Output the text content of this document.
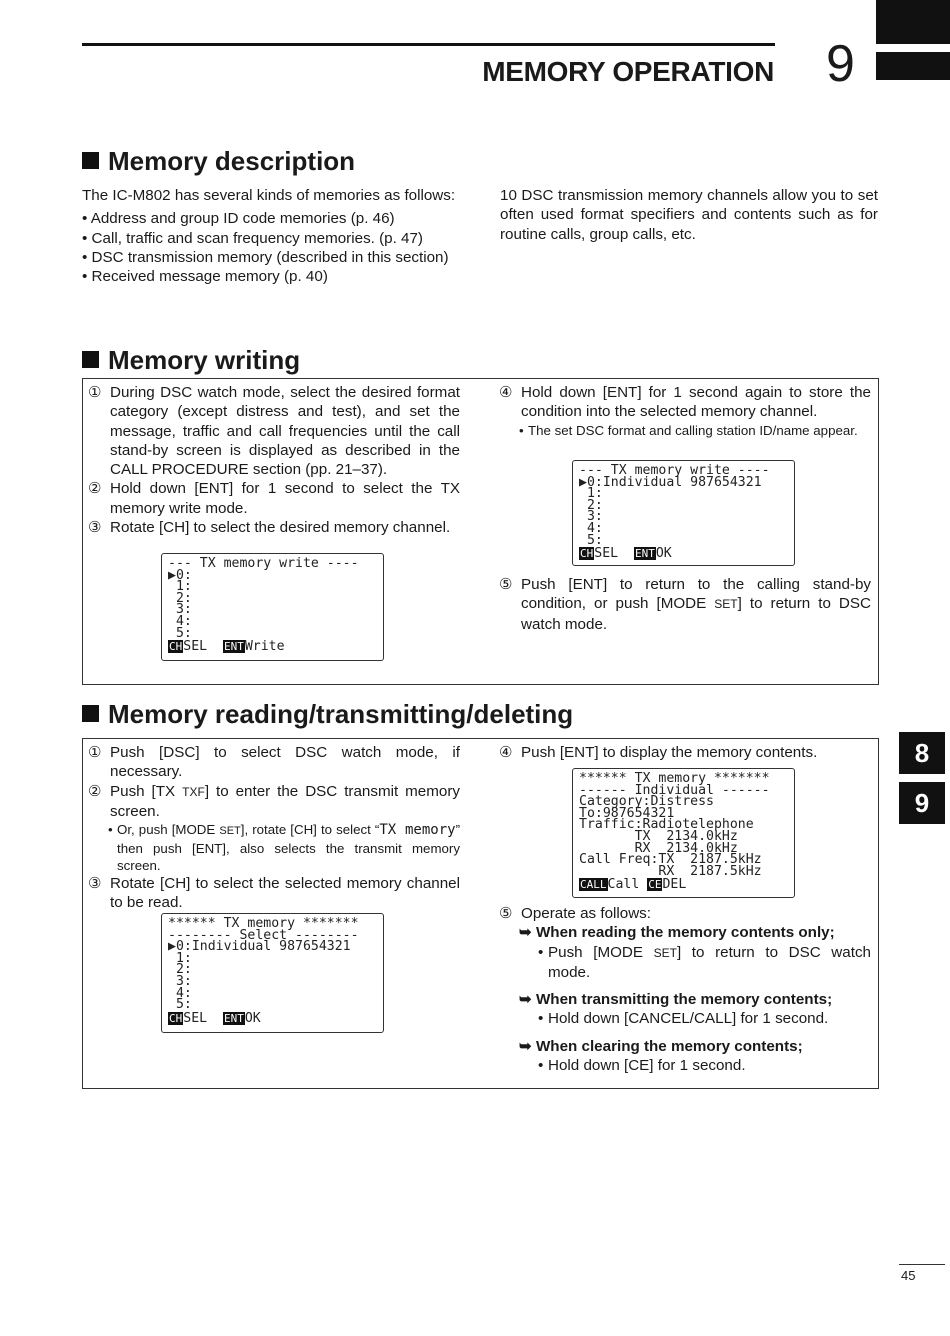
MEMORY OPERATION 9
8
9
Memory description
The IC-M802 has several kinds of memories as follows:
• Address and group ID code memories (p. 46)
• Call, traffic and scan frequency memories. (p. 47)
• DSC transmission memory (described in this section)
• Received message memory (p. 40)
10 DSC transmission memory channels allow you to set often used format specifiers and contents such as for routine calls, group calls, etc.
Memory writing
① During DSC watch mode, select the desired format category (except distress and test), and set the message, traffic and call frequencies until the call stand-by screen is displayed as described in the CALL PROCEDURE section (pp. 21–37).
② Hold down [ENT] for 1 second to select the TX memory write mode.
③ Rotate [CH] to select the desired memory channel.
--- TX memory write ----
▶0:
1:
2:
3:
4:
5:
CHSEL  ENTWrite
④ Hold down [ENT] for 1 second again to store the condition into the selected memory channel.
• The set DSC format and calling station ID/name appear.
--- TX memory write ----
▶0:Individual 987654321
1:
2:
3:
4:
5:
CHSEL  ENTOK
⑤ Push [ENT] to return to the calling stand-by condition, or push [MODE SET] to return to DSC watch mode.
Memory reading/transmitting/deleting
① Push [DSC] to select DSC watch mode, if necessary.
② Push [TX TXF] to enter the DSC transmit memory screen.
• Or, push [MODE SET], rotate [CH] to select “TX memory” then push [ENT], also selects the transmit memory screen.
③ Rotate [CH] to select the selected memory channel to be read.
****** TX memory *******
-------- Select --------
▶0:Individual 987654321
1:
2:
3:
4:
5:
CHSEL  ENTOK
④ Push [ENT] to display the memory contents.
****** TX memory *******
------ Individual ------
Category:Distress
To:987654321
Traffic:Radiotelephone
TX  2134.0kHz
RX  2134.0kHz
Call Freq:TX  2187.5kHz
RX  2187.5kHz
CALLCall CEDEL
⑤ Operate as follows:
➥ When reading the memory contents only;
• Push [MODE SET] to return to DSC watch mode.
➥ When transmitting the memory contents;
• Hold down [CANCEL/CALL] for 1 second.
➥ When clearing the memory contents;
• Hold down [CE] for 1 second.
45
